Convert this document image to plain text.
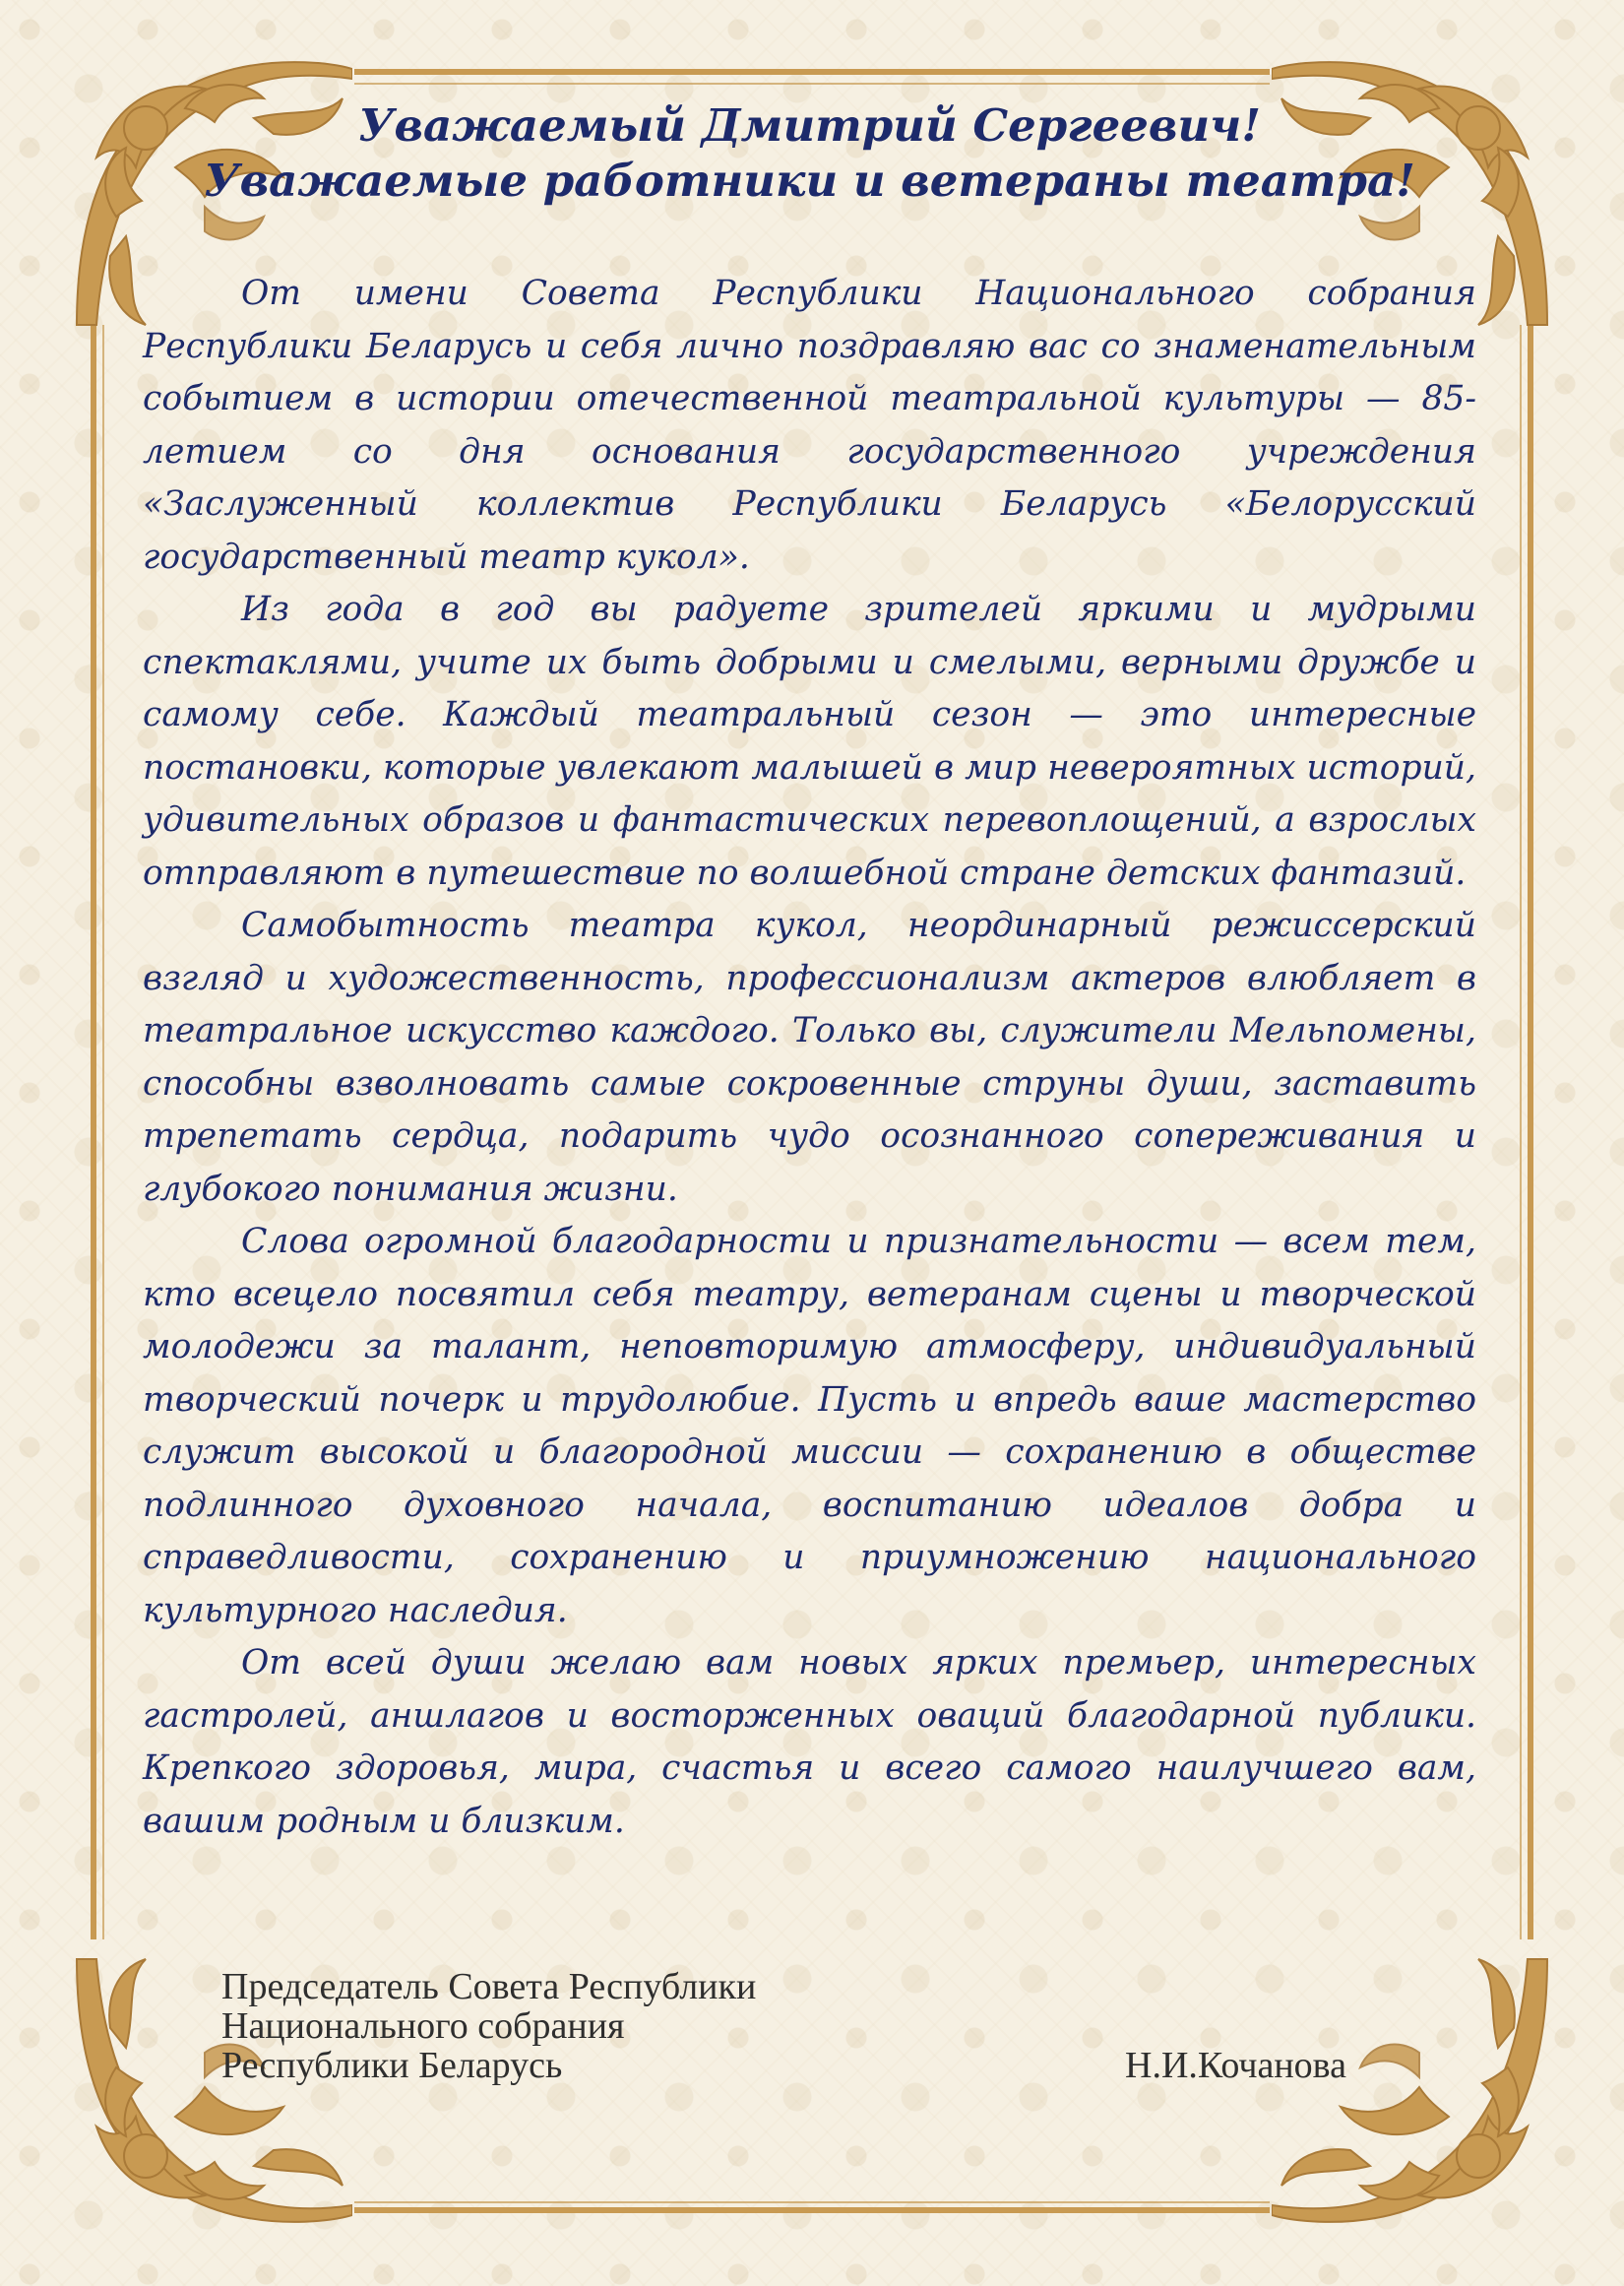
Уважаемый Дмитрий Сергеевич!

Уважаемые работники и ветераны театра!

От имени Совета Республики Национального собрания Республики Беларусь и себя лично поздравляю вас со знаменательным событием в истории отечественной театральной культуры — 85-летием со дня основания государственного учреждения «Заслуженный коллектив Республики Беларусь «Белорусский государственный театр кукол».

Из года в год вы радуете зрителей яркими и мудрыми спектаклями, учите их быть добрыми и смелыми, верными дружбе и самому себе. Каждый театральный сезон — это интересные постановки, которые увлекают малышей в мир невероятных историй, удивительных образов и фантастических перевоплощений, а взрослых отправляют в путешествие по волшебной стране детских фантазий.

Самобытность театра кукол, неординарный режиссерский взгляд и художественность, профессионализм актеров влюбляет в театральное искусство каждого. Только вы, служители Мельпомены, способны взволновать самые сокровенные струны души, заставить трепетать сердца, подарить чудо осознанного сопереживания и глубокого понимания жизни.

Слова огромной благодарности и признательности — всем тем, кто всецело посвятил себя театру, ветеранам сцены и творческой молодежи за талант, неповторимую атмосферу, индивидуальный творческий почерк и трудолюбие. Пусть и впредь ваше мастерство служит высокой и благородной миссии — сохранению в обществе подлинного духовного начала, воспитанию идеалов добра и справедливости, сохранению и приумножению национального культурного наследия.

От всей души желаю вам новых ярких премьер, интересных гастролей, аншлагов и восторженных оваций благодарной публики. Крепкого здоровья, мира, счастья и всего самого наилучшего вам, вашим родным и близким.

Председатель Совета Республики
Национального собрания
Республики Беларусь	Н.И.Кочанова
